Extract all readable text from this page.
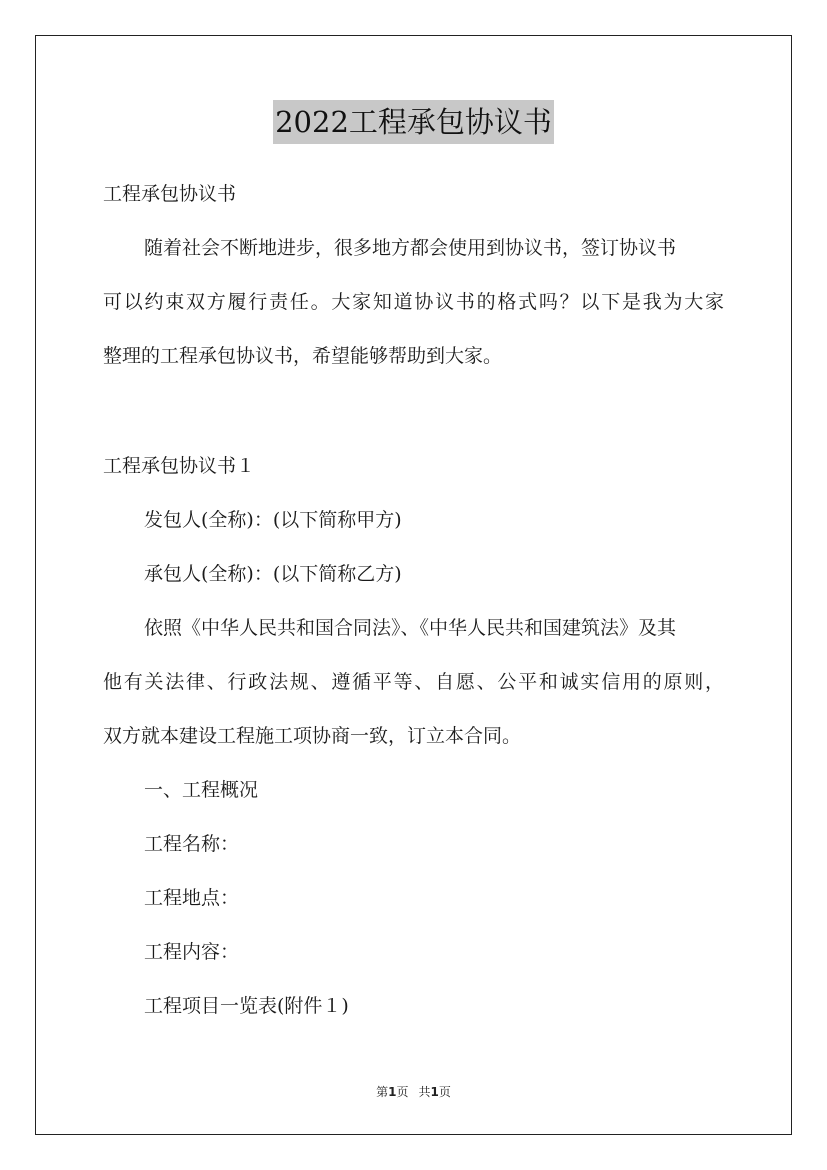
2022工程承包协议书
工程承包协议书
随着社会不断地进步，很多地方都会使用到协议书，签订协议书
可以约束双方履行责任。大家知道协议书的格式吗？以下是我为大家
整理的工程承包协议书，希望能够帮助到大家。
工程承包协议书１
发包人(全称)：(以下简称甲方)
承包人(全称)：(以下简称乙方)
依照《中华人民共和国合同法》、《中华人民共和国建筑法》及其
他有关法律、行政法规、遵循平等、自愿、公平和诚实信用的原则，
双方就本建设工程施工项协商一致，订立本合同。
一、工程概况
工程名称：
工程地点：
工程内容：
工程项目一览表(附件１)
第1页 共1页
